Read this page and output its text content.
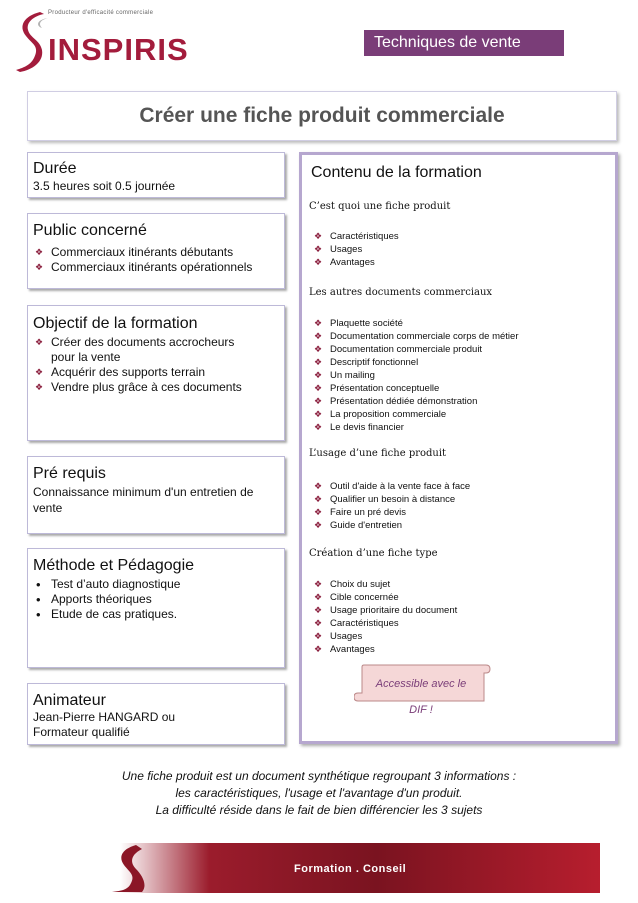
Producteur d'efficacité commerciale
INSPIRIS	Techniques de vente
Créer une fiche produit commerciale
Durée

3.5 heures soit 0.5 journée

Public concerné
❖ Commerciaux itinérants débutants
❖ Commerciaux itinérants opérationnels
Objectif de la formation
❖ Créer des documents accrocheurs pour la vente
❖ Acquérir des supports terrain
❖ Vendre plus grâce à ces documents
Pré requis

Connaissance minimum d'un entretien de vente

Méthode et Pédagogie
• Test d’auto diagnostique
• Apports théoriques
• Etude de cas pratiques.
Animateur

Jean-Pierre HANGARD ou

Formateur qualifié

Contenu de la formation
C’est quoi une fiche produit
❖ Caractéristiques
❖ Usages
❖ Avantages
Les autres documents commerciaux
❖ Plaquette société
❖ Documentation commerciale corps de métier
❖ Documentation commerciale produit
❖ Descriptif fonctionnel
❖ Un mailing
❖ Présentation conceptuelle
❖ Présentation dédiée démonstration
❖ La proposition commerciale
❖ Le devis financier
L’usage d’une fiche produit
❖ Outil d'aide à la vente face à face
❖ Qualifier un besoin à distance
❖ Faire un pré devis
❖ Guide d'entretien
Création d’une fiche type
❖ Choix du sujet
❖ Cible concernée
❖ Usage prioritaire du document
❖ Caractéristiques
❖ Usages
❖ Avantages
Accessible avec le DIF !
Une fiche produit est un document synthétique regroupant 3 informations :
les caractéristiques, l'usage et l'avantage d'un produit.
La difficulté réside dans le fait de bien différencier les 3 sujets
Formation . Conseil
